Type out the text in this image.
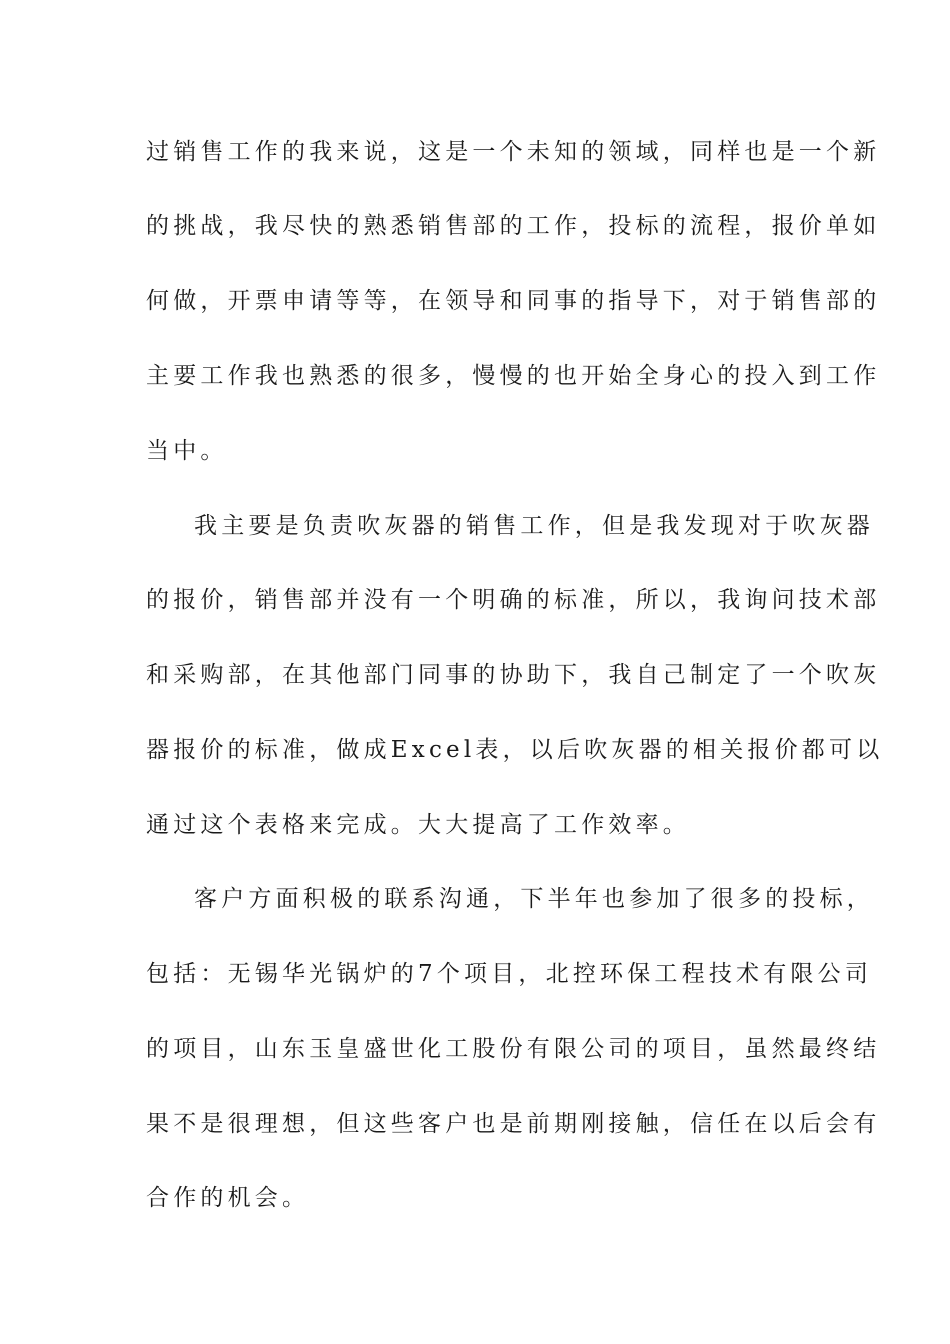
过销售工作的我来说，这是一个未知的领域，同样也是一个新
的挑战，我尽快的熟悉销售部的工作，投标的流程，报价单如
何做，开票申请等等，在领导和同事的指导下，对于销售部的
主要工作我也熟悉的很多，慢慢的也开始全身心的投入到工作
当中。
我主要是负责吹灰器的销售工作，但是我发现对于吹灰器
的报价，销售部并没有一个明确的标准，所以，我询问技术部
和采购部，在其他部门同事的协助下，我自己制定了一个吹灰
器报价的标准，做成Excel表，以后吹灰器的相关报价都可以
通过这个表格来完成。大大提高了工作效率。
客户方面积极的联系沟通，下半年也参加了很多的投标，
包括：无锡华光锅炉的7个项目，北控环保工程技术有限公司
的项目，山东玉皇盛世化工股份有限公司的项目，虽然最终结
果不是很理想，但这些客户也是前期刚接触，信任在以后会有
合作的机会。
